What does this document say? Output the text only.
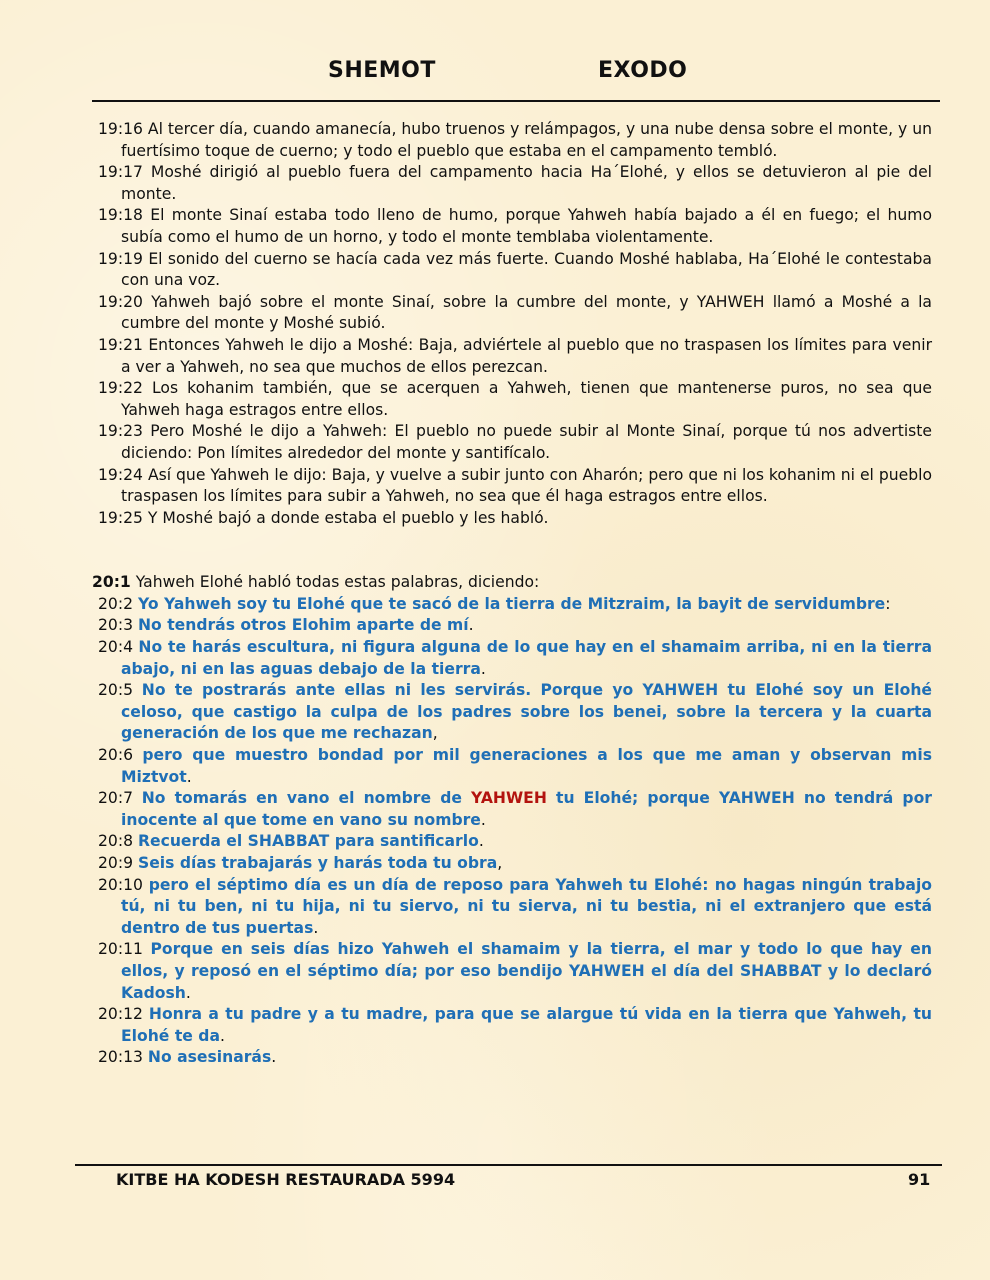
SHEMOT	EXODO
19:16 Al tercer día, cuando amanecía, hubo truenos y relámpagos, y una nube densa sobre el monte, y un fuertísimo toque de cuerno; y todo el pueblo que estaba en el campamento tembló.
19:17 Moshé dirigió al pueblo fuera del campamento hacia Ha´Elohé, y ellos se detuvieron al pie del monte.
19:18 El monte Sinaí estaba todo lleno de humo, porque Yahweh había bajado a él en fuego; el humo subía como el humo de un horno, y todo el monte temblaba violentamente.
19:19 El sonido del cuerno se hacía cada vez más fuerte. Cuando Moshé hablaba, Ha´Elohé le contestaba con una voz.
19:20 Yahweh bajó sobre el monte Sinaí, sobre la cumbre del monte, y YAHWEH llamó a Moshé a la cumbre del monte y Moshé subió.
19:21 Entonces Yahweh le dijo a Moshé: Baja, adviértele al pueblo que no traspasen los límites para venir a ver a Yahweh, no sea que muchos de ellos perezcan.
19:22 Los kohanim también, que se acerquen a Yahweh, tienen que mantenerse puros, no sea que Yahweh haga estragos entre ellos.
19:23 Pero Moshé le dijo a Yahweh: El pueblo no puede subir al Monte Sinaí, porque tú nos advertiste diciendo: Pon límites alrededor del monte y santifícalo.
19:24 Así que Yahweh le dijo: Baja, y vuelve a subir junto con Aharón; pero que ni los kohanim ni el pueblo traspasen los límites para subir a Yahweh, no sea que él haga estragos entre ellos.
19:25 Y Moshé bajó a donde estaba el pueblo y les habló.
20:1 Yahweh Elohé habló todas estas palabras, diciendo:
20:2 Yo Yahweh soy tu Elohé que te sacó de la tierra de Mitzraim, la bayit de servidumbre:
20:3 No tendrás otros Elohim aparte de mí.
20:4 No te harás escultura, ni figura alguna de lo que hay en el shamaim arriba, ni en la tierra abajo, ni en las aguas debajo de la tierra.
20:5 No te postrarás ante ellas ni les servirás. Porque yo YAHWEH tu Elohé soy un Elohé celoso, que castigo la culpa de los padres sobre los benei, sobre la tercera y la cuarta generación de los que me rechazan,
20:6 pero que muestro bondad por mil generaciones a los que me aman y observan mis Miztvot.
20:7 No tomarás en vano el nombre de YAHWEH tu Elohé; porque YAHWEH no tendrá por inocente al que tome en vano su nombre.
20:8 Recuerda el SHABBAT para santificarlo.
20:9 Seis días trabajarás y harás toda tu obra,
20:10 pero el séptimo día es un día de reposo para Yahweh tu Elohé: no hagas ningún trabajo tú, ni tu ben, ni tu hija, ni tu siervo, ni tu sierva, ni tu bestia, ni el extranjero que está dentro de tus puertas.
20:11 Porque en seis días hizo Yahweh el shamaim y la tierra, el mar y todo lo que hay en ellos, y reposó en el séptimo día; por eso bendijo YAHWEH el día del SHABBAT y lo declaró Kadosh.
20:12 Honra a tu padre y a tu madre, para que se alargue tú vida en la tierra que Yahweh, tu Elohé te da.
20:13 No asesinarás.
KITBE HA KODESH RESTAURADA 5994	91
